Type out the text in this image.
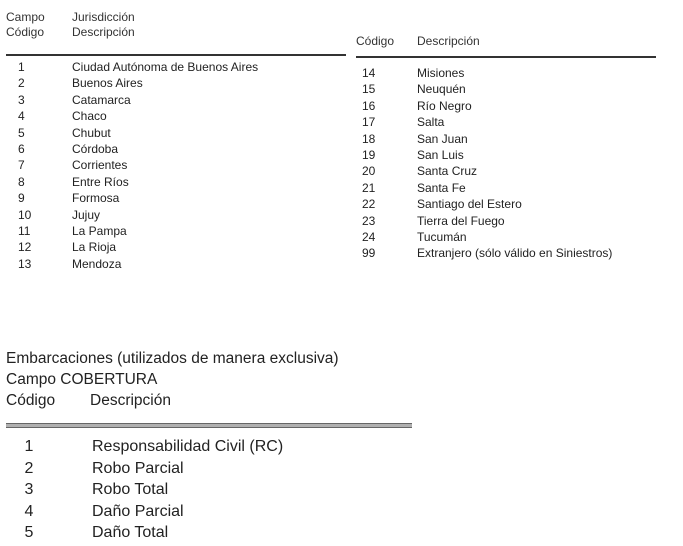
Campo Jurisdicción
Código Descripción
1	Ciudad Autónoma de Buenos Aires
2	Buenos Aires
3	Catamarca
4	Chaco
5	Chubut
6	Córdoba
7	Corrientes
8	Entre Ríos
9	Formosa
10	Jujuy
11	La Pampa
12	La Rioja
13	Mendoza
Código Descripción
14	Misiones
15	Neuquén
16	Río Negro
17	Salta
18	San Juan
19	San Luis
20	Santa Cruz
21	Santa Fe
22	Santiago del Estero
23	Tierra del Fuego
24	Tucumán
99	Extranjero (sólo válido en Siniestros)
Embarcaciones (utilizados de manera exclusiva)
Campo COBERTURA
Código Descripción
1	Responsabilidad Civil (RC)
2	Robo Parcial
3	Robo Total
4	Daño Parcial
5	Daño Total
